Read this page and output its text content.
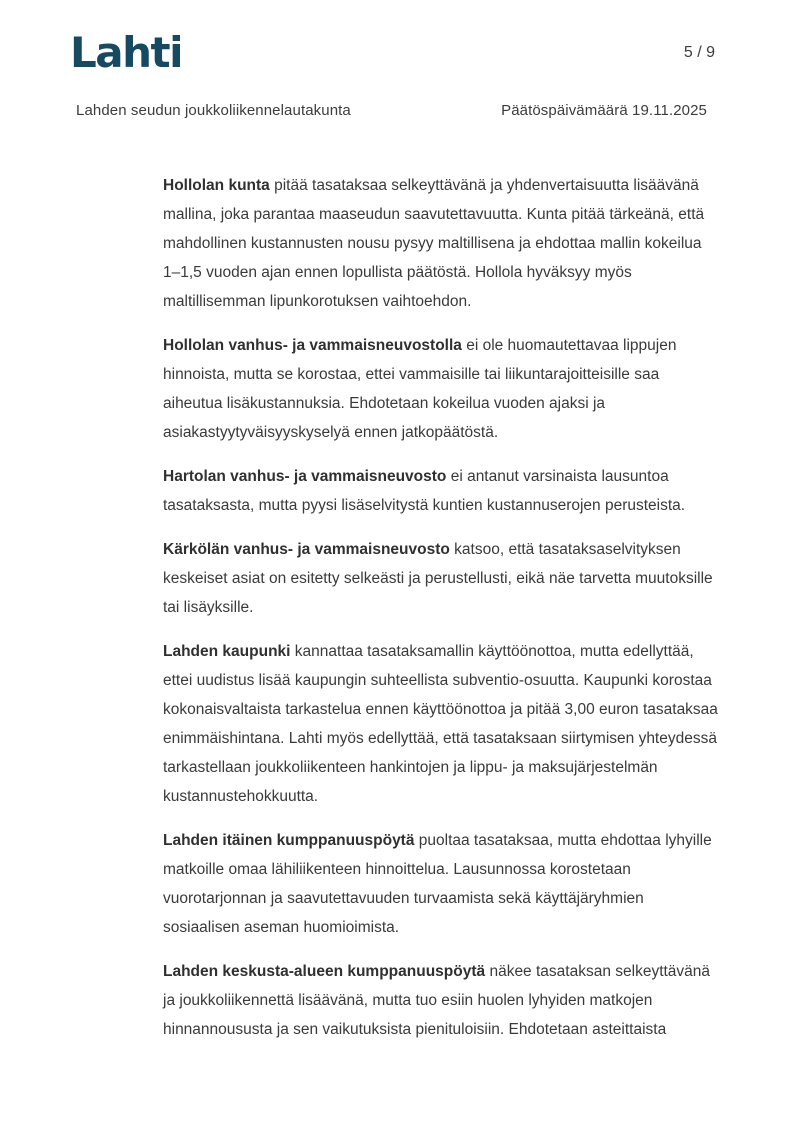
Lahti	5 / 9
Lahden seudun joukkoliikennelautakunta	Päätöspäivämäärä 19.11.2025

Hollolan kunta pitää tasataksaa selkeyttävänä ja yhdenvertaisuutta lisäävänä mallina, joka parantaa maaseudun saavutettavuutta. Kunta pitää tärkeänä, että mahdollinen kustannusten nousu pysyy maltillisena ja ehdottaa mallin kokeilua 1–1,5 vuoden ajan ennen lopullista päätöstä. Hollola hyväksyy myös maltillisemman lipunkorotuksen vaihtoehdon.

Hollolan vanhus- ja vammaisneuvostolla ei ole huomautettavaa lippujen hinnoista, mutta se korostaa, ettei vammaisille tai liikuntarajoitteisille saa aiheutua lisäkustannuksia. Ehdotetaan kokeilua vuoden ajaksi ja asiakastyytyväisyyskyselyä ennen jatkopäätöstä.

Hartolan vanhus- ja vammaisneuvosto ei antanut varsinaista lausuntoa tasataksasta, mutta pyysi lisäselvitystä kuntien kustannuserojen perusteista.

Kärkölän vanhus- ja vammaisneuvosto katsoo, että tasataksaselvityksen keskeiset asiat on esitetty selkeästi ja perustellusti, eikä näe tarvetta muutoksille tai lisäyksille.

Lahden kaupunki kannattaa tasataksamallin käyttöönottoa, mutta edellyttää, ettei uudistus lisää kaupungin suhteellista subventio-osuutta. Kaupunki korostaa kokonaisvaltaista tarkastelua ennen käyttöönottoa ja pitää 3,00 euron tasataksaa enimmäishintana. Lahti myös edellyttää, että tasataksaan siirtymisen yhteydessä tarkastellaan joukkoliikenteen hankintojen ja lippu- ja maksujärjestelmän kustannustehokkuutta.

Lahden itäinen kumppanuuspöytä puoltaa tasataksaa, mutta ehdottaa lyhyille matkoille omaa lähiliikenteen hinnoittelua. Lausunnossa korostetaan vuorotarjonnan ja saavutettavuuden turvaamista sekä käyttäjäryhmien sosiaalisen aseman huomioimista.

Lahden keskusta-alueen kumppanuuspöytä näkee tasataksan selkeyttävänä ja joukkoliikennettä lisäävänä, mutta tuo esiin huolen lyhyiden matkojen hinnannoususta ja sen vaikutuksista pienituloisiin. Ehdotetaan asteittaista
